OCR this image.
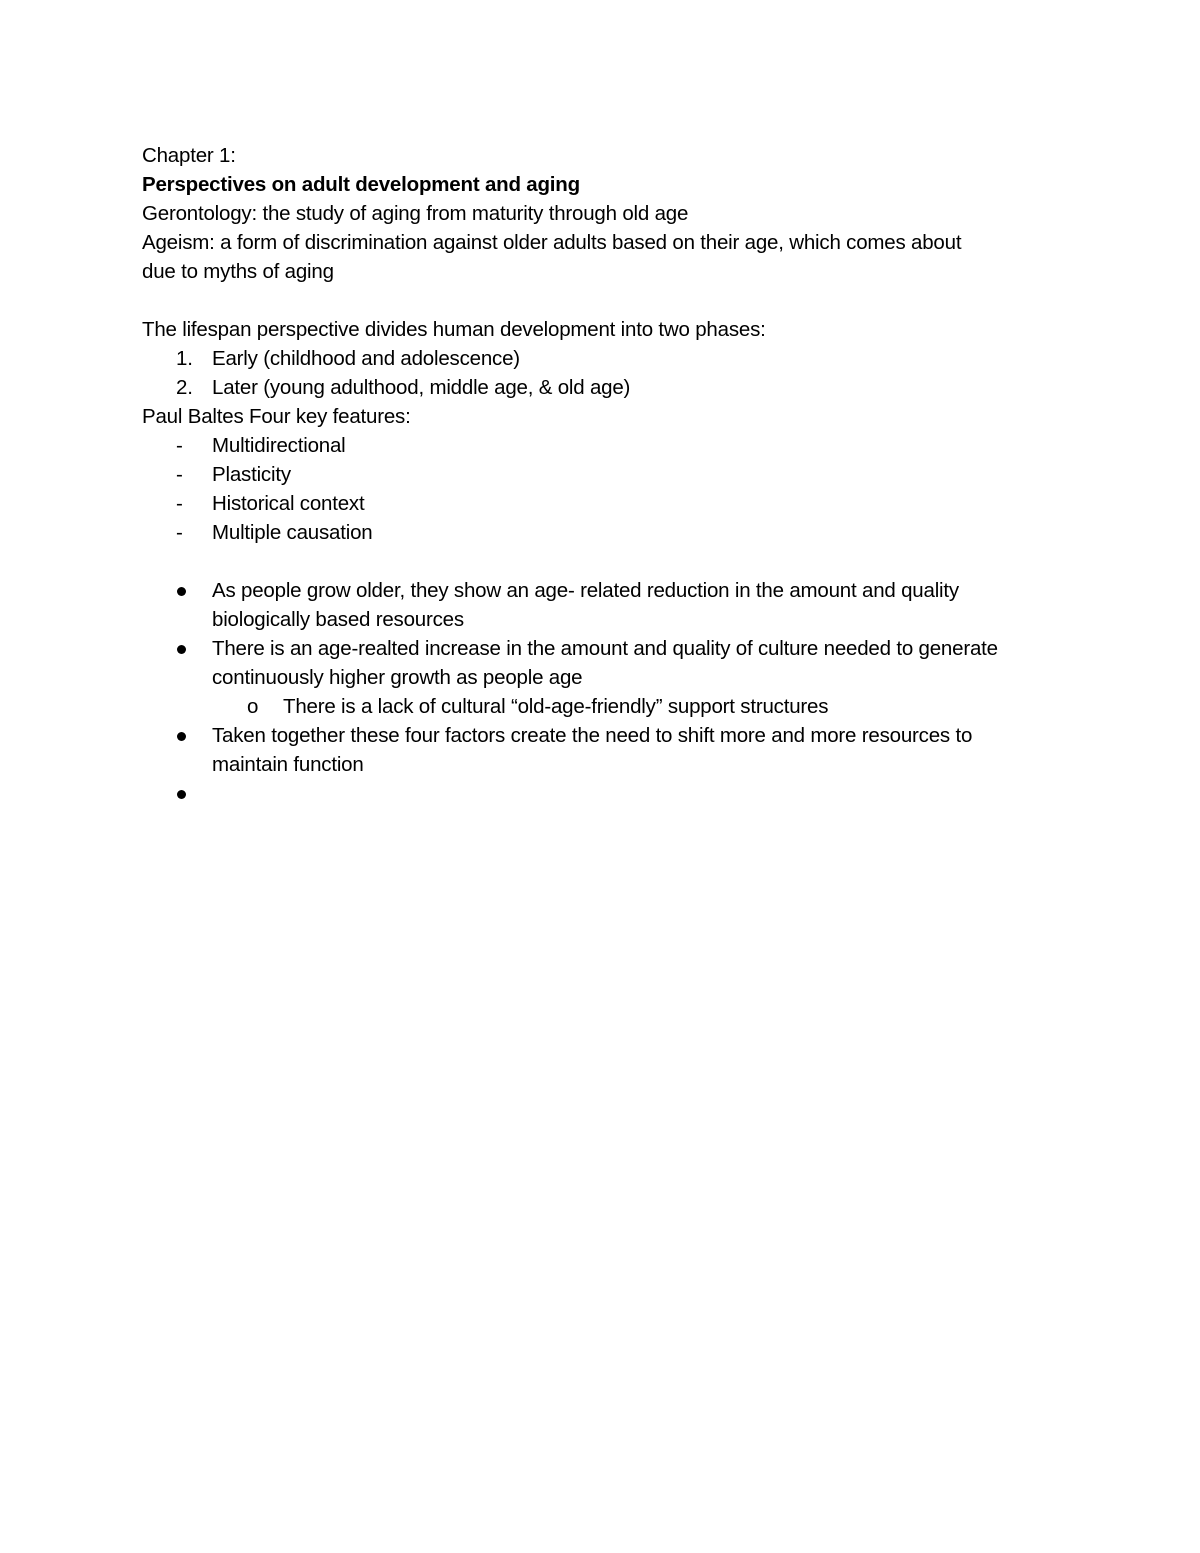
Chapter 1:
Perspectives on adult development and aging
Gerontology: the study of aging from maturity through old age
Ageism: a form of discrimination against older adults based on their age, which comes about
due to myths of aging
The lifespan perspective divides human development into two phases:
1. Early (childhood and adolescence)
2. Later (young adulthood, middle age, & old age)
Paul Baltes Four key features:
- Multidirectional
- Plasticity
- Historical context
- Multiple causation
As people grow older, they show an age- related reduction in the amount and quality
biologically based resources
There is an age-realted increase in the amount and quality of culture needed to generate
continuously higher growth as people age
o There is a lack of cultural “old-age-friendly” support structures
Taken together these four factors create the need to shift more and more resources to
maintain function
